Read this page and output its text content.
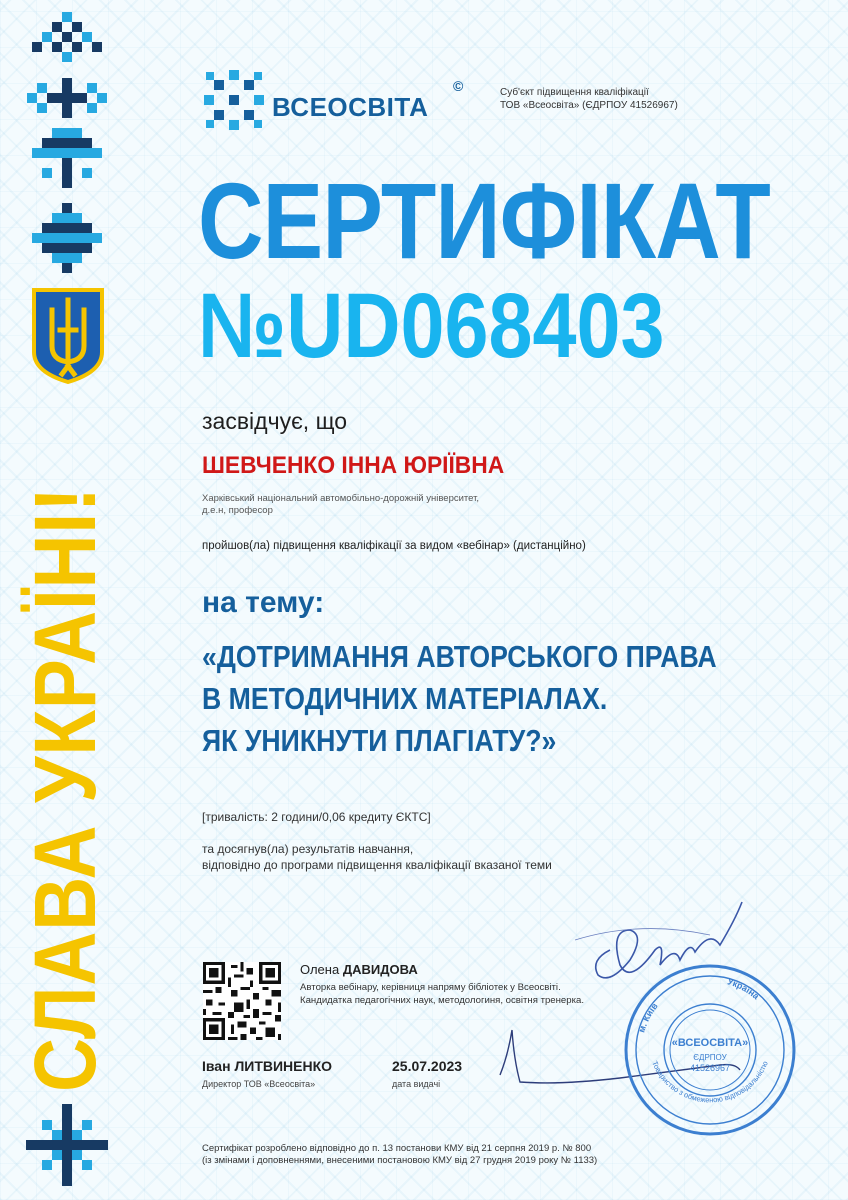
СЛАВА УКРАЇНІ!
ВСЕОСВІТА
©	Суб'єкт підвищення кваліфікації
ТОВ «Всеосвіта» (ЄДРПОУ 41526967)
СЕРТИФІКАТ
№UD068403
засвідчує, що
ШЕВЧЕНКО ІННА ЮРІЇВНА
Харківський національний автомобільно-дорожній університет,
д.е.н, професор
пройшов(ла) підвищення кваліфікації за видом «вебінар» (дистанційно)
на тему:
«ДОТРИМАННЯ АВТОРСЬКОГО ПРАВА
В МЕТОДИЧНИХ МАТЕРІАЛАХ.
ЯК УНИКНУТИ ПЛАГІАТУ?»
[тривалість: 2 години/0,06 кредиту ЄКТС]
та досягнув(ла) результатів навчання,
відповідно до програми підвищення кваліфікації вказаної теми
Олена ДАВИДОВА
Авторка вебінару, керівниця напряму бібліотек у Всеосвіті.
Кандидатка педагогічних наук, методологиня, освітня тренерка.
Іван ЛИТВИНЕНКО
Директор ТОВ «Всеосвіта»
25.07.2023
дата видачі
м. Київ
Україна
Товариство з обмеженою відповідальністю
«ВСЕОСВІТА»
ЄДРПОУ
41526967
Сертифікат розроблено відповідно до п. 13 постанови КМУ від 21 серпня 2019 р. № 800
(із змінами і доповненнями, внесеними постановою КМУ від 27 грудня 2019 року № 1133)
